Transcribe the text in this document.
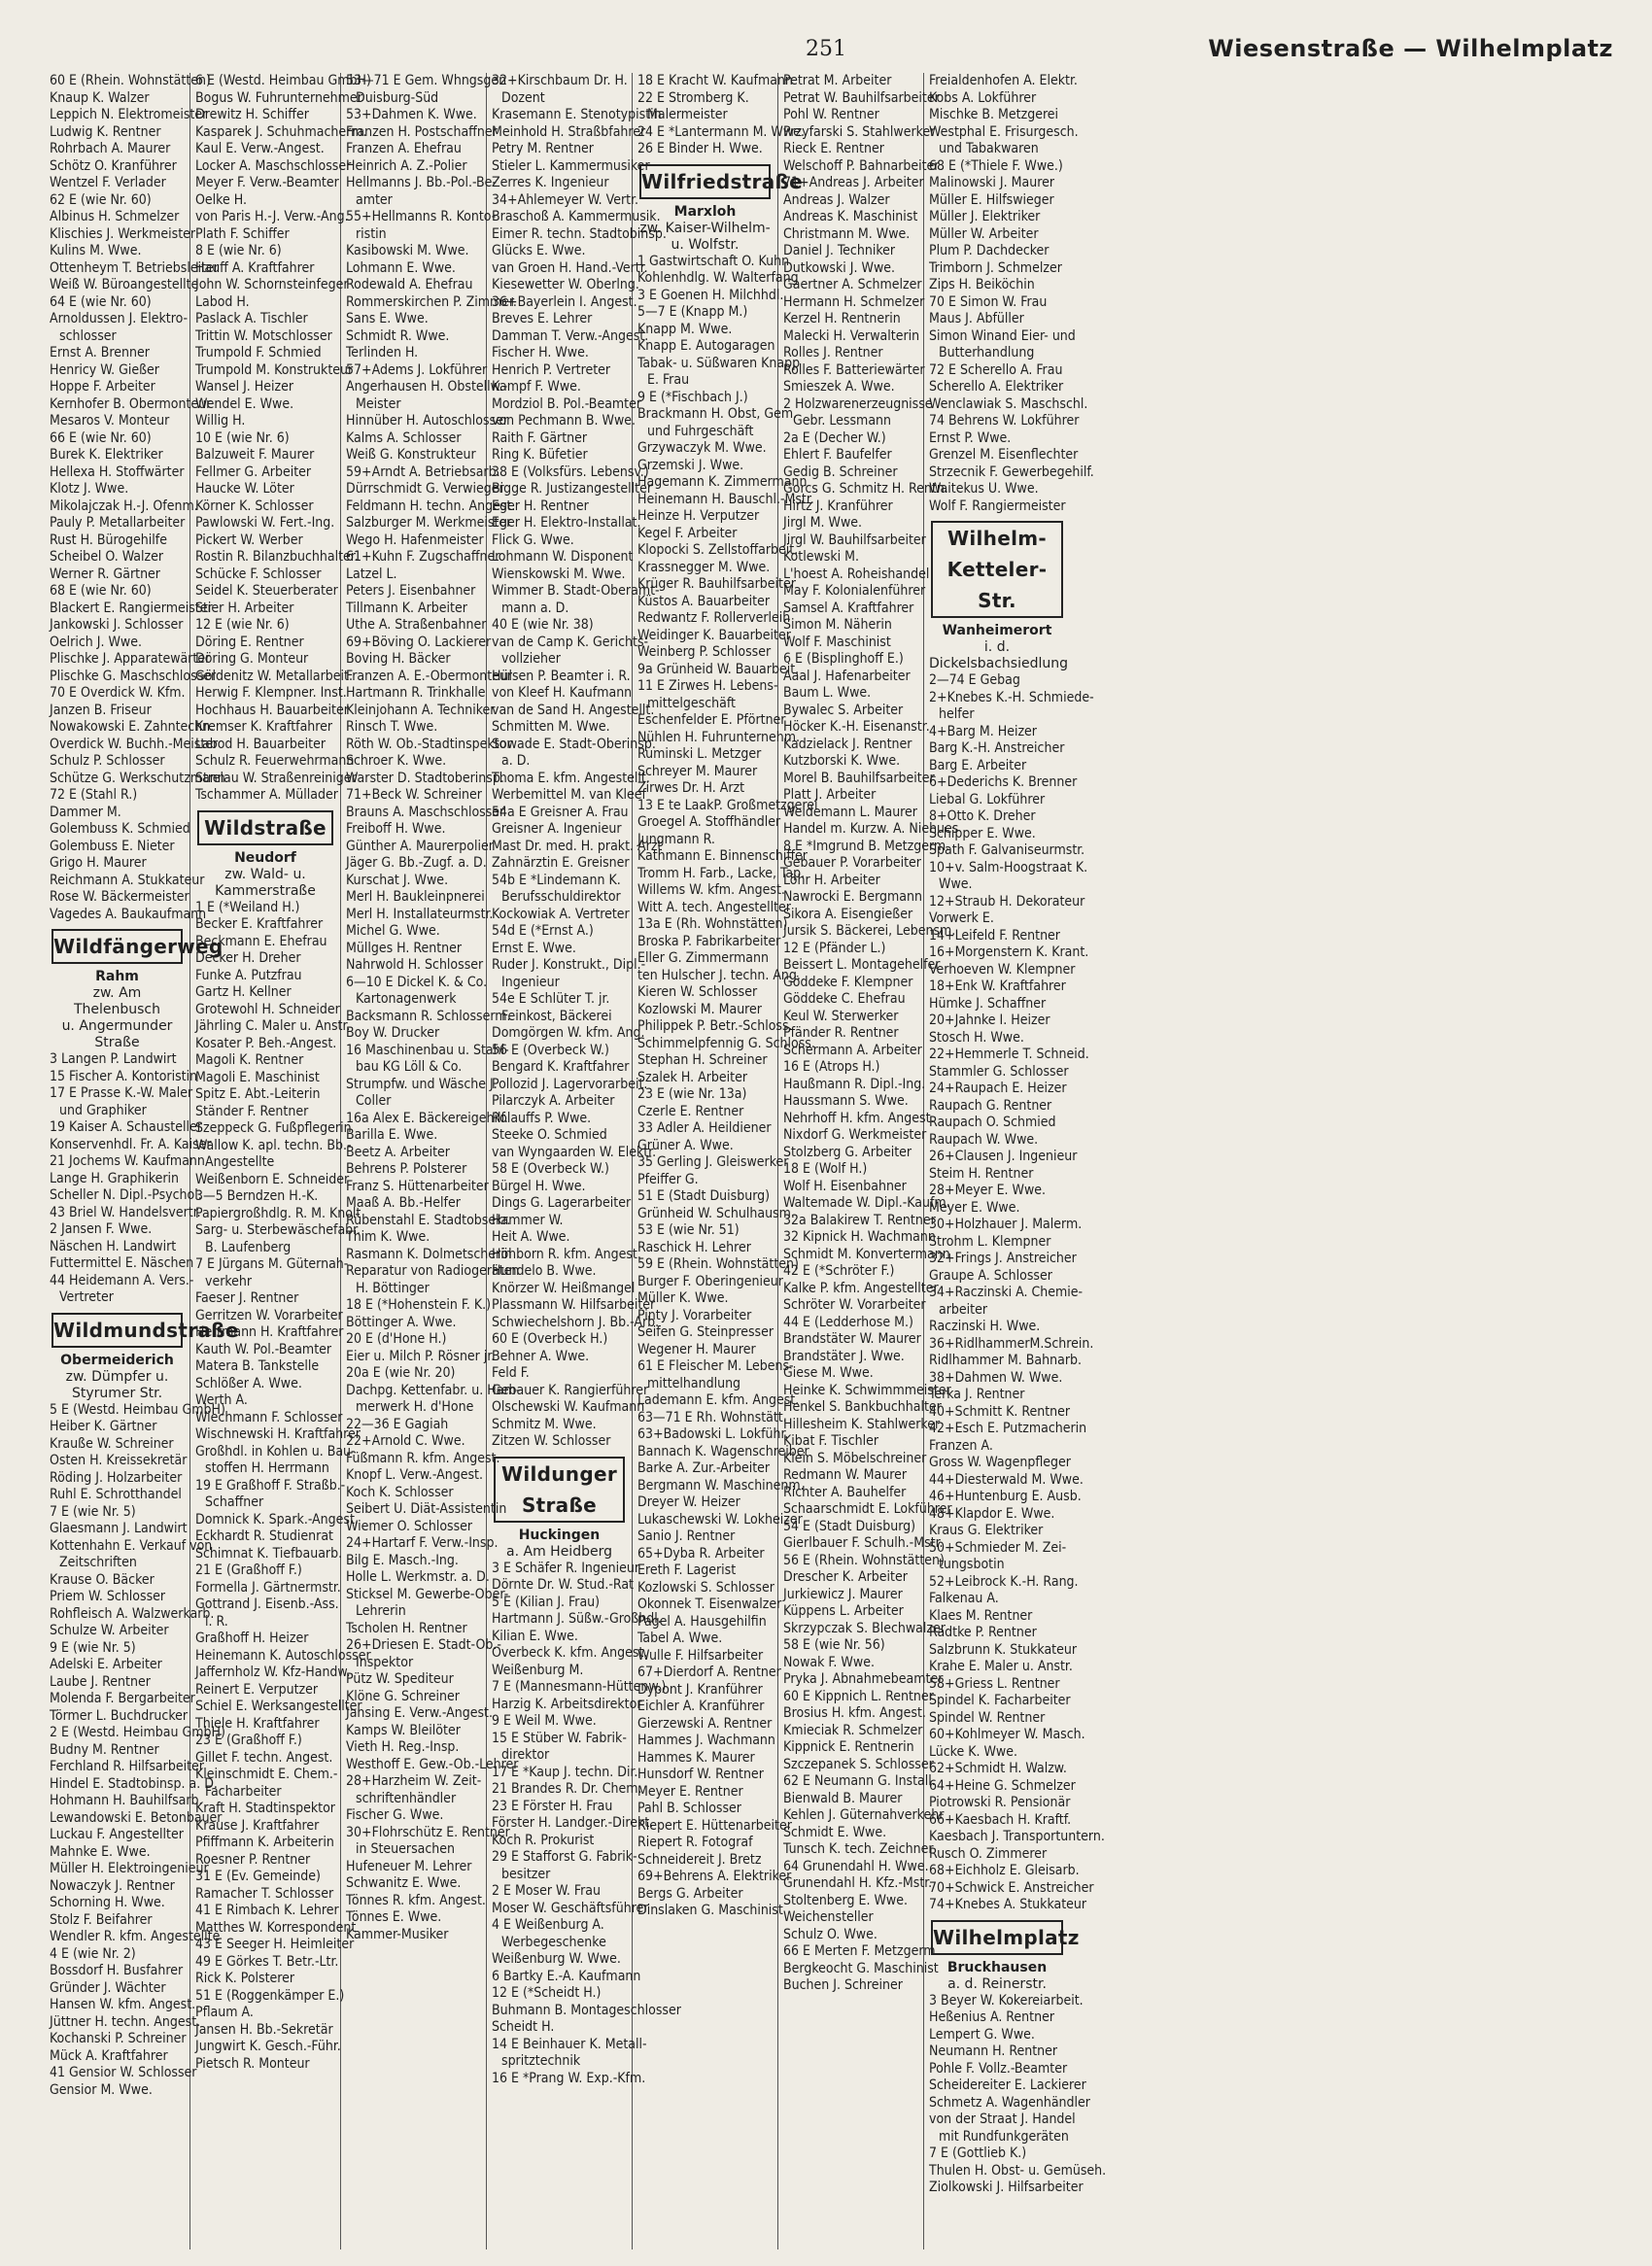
251	Wiesenstraße — Wilhelmplatz
60 E (Rhein. Wohnstätten)
Knaup K. Walzer
Leppich N. Elektromeister
Ludwig K. Rentner
Rohrbach A. Maurer
Schötz O. Kranführer
Wentzel F. Verlader
62 E (wie Nr. 60)
Albinus H. Schmelzer
Klischies J. Werkmeister
Kulins M. Wwe.
Ottenheym T. Betriebsleiter
Weiß W. Büroangestellte
64 E (wie Nr. 60)
Arnoldussen J. Elektro-
schlosser
Ernst A. Brenner
Henricy W. Gießer
Hoppe F. Arbeiter
Kernhofer B. Obermonteur
Mesaros V. Monteur
66 E (wie Nr. 60)
Burek K. Elektriker
Hellexa H. Stoffwärter
Klotz J. Wwe.
Mikolajczak H.-J. Ofenm.
Pauly P. Metallarbeiter
Rust H. Bürogehilfe
Scheibel O. Walzer
Werner R. Gärtner
68 E (wie Nr. 60)
Blackert E. Rangiermeister
Jankowski J. Schlosser
Oelrich J. Wwe.
Plischke J. Apparatewärter
Plischke G. Maschschlosser
70 E Overdick W. Kfm.
Janzen B. Friseur
Nowakowski E. Zahntechn.
Overdick W. Buchh.-Meister
Schulz P. Schlosser
Schütze G. Werkschutzmann
72 E (Stahl R.)
Dammer M.
Golembuss K. Schmied
Golembuss E. Nieter
Grigo H. Maurer
Reichmann A. Stukkateur
Rose W. Bäckermeister
Vagedes A. Baukaufmann
Wildfängerweg
Rahm
zw. Am Thelenbusch
u. Angermunder Straße
3 Langen P. Landwirt
15 Fischer A. Kontoristin
17 E Prasse K.-W. Maler
und Graphiker
19 Kaiser A. Schausteller
Konservenhdl. Fr. A. Kaiser
21 Jochems W. Kaufmann
Lange H. Graphikerin
Scheller N. Dipl.-Psychol.
43 Briel W. Handelsvertr.
2 Jansen F. Wwe.
Näschen H. Landwirt
Futtermittel E. Näschen
44 Heidemann A. Vers.-
Vertreter
Wildmundstraße
Obermeiderich
zw. Dümpfer u. Styrumer Str.
5 E (Westd. Heimbau GmbH)
Heiber K. Gärtner
Krauße W. Schreiner
Osten H. Kreissekretär
Röding J. Holzarbeiter
Ruhl E. Schrotthandel
7 E (wie Nr. 5)
Glaesmann J. Landwirt
Kottenhahn E. Verkauf von
Zeitschriften
Krause O. Bäcker
Priem W. Schlosser
Rohfleisch A. Walzwerkarb.
Schulze W. Arbeiter
9 E (wie Nr. 5)
Adelski E. Arbeiter
Laube J. Rentner
Molenda F. Bergarbeiter
Törmer L. Buchdrucker
2 E (Westd. Heimbau GmbH)
Budny M. Rentner
Ferchland R. Hilfsarbeiter
Hindel E. Stadtobinsp. a. D.
Hohmann H. Bauhilfsarb.
Lewandowski E. Betonbauer
Luckau F. Angestellter
Mahnke E. Wwe.
Müller H. Elektroingenieur
Nowaczyk J. Rentner
Schorning H. Wwe.
Stolz F. Beifahrer
Wendler R. kfm. Angestellte
4 E (wie Nr. 2)
Bossdorf H. Busfahrer
Gründer J. Wächter
Hansen W. kfm. Angest.
Jüttner H. techn. Angest.
Kochanski P. Schreiner
Mück A. Kraftfahrer
41 Gensior W. Schlosser
Gensior M. Wwe.
6 E (Westd. Heimbau GmbH)
Bogus W. Fuhrunternehmer
Drewitz H. Schiffer
Kasparek J. Schuhmacherm.
Kaul E. Verw.-Angest.
Locker A. Maschschlosser
Meyer F. Verw.-Beamter
Oelke H.
von Paris H.-J. Verw.-Ang.
Plath F. Schiffer
8 E (wie Nr. 6)
Hauff A. Kraftfahrer
John W. Schornsteinfeger
Labod H.
Paslack A. Tischler
Trittin W. Motschlosser
Trumpold F. Schmied
Trumpold M. Konstrukteur
Wansel J. Heizer
Wendel E. Wwe.
Willig H.
10 E (wie Nr. 6)
Balzuweit F. Maurer
Fellmer G. Arbeiter
Haucke W. Löter
Körner K. Schlosser
Pawlowski W. Fert.-Ing.
Pickert W. Werber
Rostin R. Bilanzbuchhalter.
Schücke F. Schlosser
Seidel K. Steuerberater
Stier H. Arbeiter
12 E (wie Nr. 6)
Döring E. Rentner
Döring G. Monteur
Göldenitz W. Metallarbeit.
Herwig F. Klempner. Inst.
Hochhaus H. Bauarbeiter
Kremser K. Kraftfahrer
Labod H. Bauarbeiter
Schulz R. Feuerwehrmann
Strelau W. Straßenreiniger
Tschammer A. Müllader
Wildstraße
Neudorf
zw. Wald- u. Kammerstraße
1 E (*Weiland H.)
Becker E. Kraftfahrer
Beckmann E. Ehefrau
Decker H. Dreher
Funke A. Putzfrau
Gartz H. Kellner
Grotewohl H. Schneider
Jährling C. Maler u. Anstr.
Kosater P. Beh.-Angest.
Magoli K. Rentner
Magoli E. Maschinist
Spitz E. Abt.-Leiterin
Ständer F. Rentner
Szeppeck G. Fußpflegerin
Wallow K. apl. techn. Bb.-
Angestellte
Weißenborn E. Schneider
3—5 Berndzen H.-K.
Papiergroßhdlg. R. M. Knolt
Sarg- u. Sterbewäschefabr.
B. Laufenberg
7 E Jürgans M. Güternah-
verkehr
Faeser J. Rentner
Gerritzen W. Vorarbeiter
Herrmann H. Kraftfahrer
Kauth W. Pol.-Beamter
Matera B. Tankstelle
Schlößer A. Wwe.
Werth A.
Wiechmann F. Schlosser
Wischnewski H. Kraftfahrer
Großhdl. in Kohlen u. Bau-
stoffen H. Herrmann
19 E Graßhoff F. Straßb.-
Schaffner
Domnick K. Spark.-Angest.
Eckhardt R. Studienrat
Schimnat K. Tiefbauarb.
21 E (Graßhoff F.)
Formella J. Gärtnermstr.
Gottrand J. Eisenb.-Ass.
i. R.
Graßhoff H. Heizer
Heinemann K. Autoschlosser
Jaffernholz W. Kfz-Handw.
Reinert E. Verputzer
Schiel E. Werksangestellter
Thiele H. Kraftfahrer
23 E (Graßhoff F.)
Gillet F. techn. Angest.
Kleinschmidt E. Chem.-
Facharbeiter
Kraft H. Stadtinspektor
Krause J. Kraftfahrer
Pfiffmann K. Arbeiterin
Roesner P. Rentner
31 E (Ev. Gemeinde)
Ramacher T. Schlosser
41 E Rimbach K. Lehrer
Matthes W. Korrespondent
43 E Seeger H. Heimleiter
49 E Görkes T. Betr.-Ltr.
Rick K. Polsterer
51 E (Roggenkämper E.)
Pflaum A.
Jansen H. Bb.-Sekretär
Jungwirt K. Gesch.-Führ.
Pietsch R. Monteur
53—71 E Gem. Whngsgen
Duisburg-Süd
53+Dahmen K. Wwe.
Franzen H. Postschaffner
Franzen A. Ehefrau
Heinrich A. Z.-Polier
Hellmanns J. Bb.-Pol.-Be-
amter
55+Hellmanns R. Konto-
ristin
Kasibowski M. Wwe.
Lohmann E. Wwe.
Rodewald A. Ehefrau
Rommerskirchen P. Zimmer.
Sans E. Wwe.
Schmidt R. Wwe.
Terlinden H.
57+Adems J. Lokführer
Angerhausen H. Obstellw.-
Meister
Hinnüber H. Autoschlosser
Kalms A. Schlosser
Weiß G. Konstrukteur
59+Arndt A. Betriebsarb.
Dürrschmidt G. Verwieger
Feldmann H. techn. Angest.
Salzburger M. Werkmeister
Wego H. Hafenmeister
61+Kuhn F. Zugschaffner
Latzel L.
Peters J. Eisenbahner
Tillmann K. Arbeiter
Uthe A. Straßenbahner
69+Böving O. Lackierer
Boving H. Bäcker
Franzen A. E.-Obermonteur
Hartmann R. Trinkhalle
Kleinjohann A. Techniker
Rinsch T. Wwe.
Röth W. Ob.-Stadtinspektor
Schroer K. Wwe.
Warster D. Stadtoberinsp.
71+Beck W. Schreiner
Brauns A. Maschschlosser
Freiboff H. Wwe.
Günther A. Maurerpolier
Jäger G. Bb.-Zugf. a. D.
Kurschat J. Wwe.
Merl H. Baukleinpnerei
Merl H. Installateurmstr.
Michel G. Wwe.
Müllges H. Rentner
Nahrwold H. Schlosser
6—10 E Dickel K. & Co.
Kartonagenwerk
Backsmann R. Schlosserm.
Boy W. Drucker
16 Maschinenbau u. Stahl-
bau KG Löll & Co.
Strumpfw. und Wäsche J.
Coller
16a Alex E. Bäckereigehilf.
Barilla E. Wwe.
Beetz A. Arbeiter
Behrens P. Polsterer
Franz S. Hüttenarbeiter
Maaß A. Bb.-Helfer
Rübenstahl E. Stadtobsekr.
Thim K. Wwe.
Rasmann K. Dolmetscherin
Reparatur von Radiogeräten
H. Böttinger
18 E (*Hohenstein F. K.)
Böttinger A. Wwe.
20 E (d'Hone H.)
Eier u. Milch P. Rösner jr.
20a E (wie Nr. 20)
Dachpg. Kettenfabr. u. Ham-
merwerk H. d'Hone
22—36 E Gagiah
22+Arnold C. Wwe.
Füßmann R. kfm. Angest.
Knopf L. Verw.-Angest.
Koch K. Schlosser
Seibert U. Diät-Assistentin
Wiemer O. Schlosser
24+Hartarf F. Verw.-Insp.
Bilg E. Masch.-Ing.
Holle L. Werkmstr. a. D.
Sticksel M. Gewerbe-Ober-
Lehrerin
Tscholen H. Rentner
26+Driesen E. Stadt-Ob.-
Inspektor
Pütz W. Spediteur
Klöne G. Schreiner
Jansing E. Verw.-Angest.
Kamps W. Bleilöter
Vieth H. Reg.-Insp.
Westhoff E. Gew.-Ob.-Lehrer
28+Harzheim W. Zeit-
schriftenhändler
Fischer G. Wwe.
30+Flohrschütz E. Rentner
in Steuersachen
Hufeneuer M. Lehrer
Schwanitz E. Wwe.
Tönnes R. kfm. Angest.
Tönnes E. Wwe.
Kammer-Musiker
32+Kirschbaum Dr. H.
Dozent
Krasemann E. Stenotypistin
Meinhold H. Straßbfahrer
Petry M. Rentner
Stieler L. Kammermusiker
Zerres K. Ingenieur
34+Ahlemeyer W. Vertr.
Braschoß A. Kammermusik.
Eimer R. techn. Stadtobinsp.
Glücks E. Wwe.
van Groen H. Hand.-Vertr.
Kiesewetter W. Oberlng.
36+Bayerlein I. Angest.
Breves E. Lehrer
Damman T. Verw.-Angest.
Fischer H. Wwe.
Henrich P. Vertreter
Kampf F. Wwe.
Mordziol B. Pol.-Beamter
von Pechmann B. Wwe.
Raith F. Gärtner
Ring K. Büfetier
38 E (Volksfürs. Lebensv.)
Bigge R. Justizangestellter
Eger H. Rentner
Eger H. Elektro-Installat.
Flick G. Wwe.
Lohmann W. Disponent
Wienskowski M. Wwe.
Wimmer B. Stadt-Oberamt-
mann a. D.
40 E (wie Nr. 38)
van de Camp K. Gerichts-
vollzieher
Hülsen P. Beamter i. R.
von Kleef H. Kaufmann
van de Sand H. Angestellt.
Schmitten M. Wwe.
Sowade E. Stadt-Oberinsp.
a. D.
Thoma E. kfm. Angestellt.
Werbemittel M. van Kleef
54a E Greisner A. Frau
Greisner A. Ingenieur
Mast Dr. med. H. prakt. Arzt
Zahnärztin E. Greisner
54b E *Lindemann K.
Berufsschuldirektor
Kockowiak A. Vertreter
54d E (*Ernst A.)
Ernst E. Wwe.
Ruder J. Konstrukt., Dipl.-
Ingenieur
54e E Schlüter T. jr.
Feinkost, Bäckerei
Domgörgen W. kfm. Ang.
56 E (Overbeck W.)
Bengard K. Kraftfahrer
Pollozid J. Lagervorarbeit.
Pilarczyk A. Arbeiter
Rolauffs P. Wwe.
Steeke O. Schmied
van Wyngaarden W. Elektr.
58 E (Overbeck W.)
Bürgel H. Wwe.
Dings G. Lagerarbeiter
Hammer W.
Heit A. Wwe.
Höhborn R. kfm. Angest.
Hundelo B. Wwe.
Knörzer W. Heißmangel
Plassmann W. Hilfsarbeiter
Schwiechelshorn J. Bb.-Arb.
60 E (Overbeck H.)
Behner A. Wwe.
Feld F.
Gebauer K. Rangierführer
Olschewski W. Kaufmann
Schmitz M. Wwe.
Zitzen W. Schlosser
Wildunger Straße
Huckingen
a. Am Heidberg
3 E Schäfer R. Ingenieur
Dörnte Dr. W. Stud.-Rat
5 E (Kilian J. Frau)
Hartmann J. Süßw.-Großhdl.
Kilian E. Wwe.
Overbeck K. kfm. Angest.
Weißenburg M.
7 E (Mannesmann-Hüttenw.)
Harzig K. Arbeitsdirektor
9 E Weil M. Wwe.
15 E Stüber W. Fabrik-
direktor
17 E *Kaup J. techn. Dir.
21 Brandes R. Dr. Chem.
23 E Förster H. Frau
Förster H. Landger.-Direkt.
Koch R. Prokurist
29 E Stafforst G. Fabrik-
besitzer
2 E Moser W. Frau
Moser W. Geschäftsführer
4 E Weißenburg A.
Werbegeschenke
Weißenburg W. Wwe.
6 Bartky E.-A. Kaufmann
12 E (*Scheidt H.)
Buhmann B. Montageschlosser
Scheidt H.
14 E Beinhauer K. Metall-
spritztechnik
16 E *Prang W. Exp.-Kfm.
18 E Kracht W. Kaufmann
22 E Stromberg K.
Malermeister
24 E *Lantermann M. Wwe.
26 E Binder H. Wwe.
Wilfriedstraße
Marxloh
zw. Kaiser-Wilhelm-
u. Wolfstr.
1 Gastwirtschaft O. Kuhn
Kohlenhdlg. W. Walterfang
3 E Goenen H. Milchhdl.
5—7 E (Knapp M.)
Knapp M. Wwe.
Knapp E. Autogaragen
Tabak- u. Süßwaren Knapp
E. Frau
9 E (*Fischbach J.)
Brackmann H. Obst, Gem.
und Fuhrgeschäft
Grzywaczyk M. Wwe.
Grzemski J. Wwe.
Hagemann K. Zimmermann
Heinemann H. Bauschl.-Mstr.
Heinze H. Verputzer
Kegel F. Arbeiter
Klopocki S. Zellstoffarbeit.
Krassnegger M. Wwe.
Krüger R. Bauhilfsarbeiter
Küstos A. Bauarbeiter
Redwantz F. Rollerverleih
Weidinger K. Bauarbeiter
Weinberg P. Schlosser
9a Grünheid W. Bauarbeit.
11 E Zirwes H. Lebens-
mittelgeschäft
Eschenfelder E. Pförtner
Nühlen H. Fuhrunternehm.
Ruminski L. Metzger
Schreyer M. Maurer
Zirwes Dr. H. Arzt
13 E te LaakP. Großmetzgerei
Groegel A. Stoffhändler
Jungmann R.
Kathmann E. Binnenschiffer
Tromm H. Farb., Lacke, Tap.
Willems W. kfm. Angest.
Witt A. tech. Angestellter
13a E (Rh. Wohnstätten)
Broska P. Fabrikarbeiter
Eller G. Zimmermann
ten Hulscher J. techn. Ang.
Kieren W. Schlosser
Kozlowski M. Maurer
Philippek P. Betr.-Schloss.
Schimmelpfennig G. Schloss.
Stephan H. Schreiner
Szalek H. Arbeiter
23 E (wie Nr. 13a)
Czerle E. Rentner
33 Adler A. Heildiener
Grüner A. Wwe.
35 Gerling J. Gleiswerker
Pfeiffer G.
51 E (Stadt Duisburg)
Grünheid W. Schulhausm.
53 E (wie Nr. 51)
Raschick H. Lehrer
59 E (Rhein. Wohnstätten)
Burger F. Oberingenieur
Müller K. Wwe.
Pinty J. Vorarbeiter
Seifen G. Steinpresser
Wegener H. Maurer
61 E Fleischer M. Lebens-
mittelhandlung
Lademann E. kfm. Angest.
63—71 E Rh. Wohnstätt.
63+Badowski L. Lokführ.
Bannach K. Wagenschreiber
Barke A. Zur.-Arbeiter
Bergmann W. Maschinenm.
Dreyer W. Heizer
Lukaschewski W. Lokheizer
Sanio J. Rentner
65+Dyba R. Arbeiter
Ereth F. Lagerist
Kozlowski S. Schlosser
Okonnek T. Eisenwalzer
Pagel A. Hausgehilfin
Tabel A. Wwe.
Wulle F. Hilfsarbeiter
67+Dierdorf A. Rentner
Dypont J. Kranführer
Eichler A. Kranführer
Gierzewski A. Rentner
Hammes J. Wachmann
Hammes K. Maurer
Hunsdorf W. Rentner
Meyer E. Rentner
Pahl B. Schlosser
Riepert E. Hüttenarbeiter
Riepert R. Fotograf
Schneidereit J. Bretz
69+Behrens A. Elektriker
Bergs G. Arbeiter
Dinslaken G. Maschinist
Petrat M. Arbeiter
Petrat W. Bauhilfsarbeiter
Pohl W. Rentner
Przyfarski S. Stahlwerker
Rieck E. Rentner
Welschoff P. Bahnarbeiter
71+Andreas J. Arbeiter
Andreas J. Walzer
Andreas K. Maschinist
Christmann M. Wwe.
Daniel J. Techniker
Dutkowski J. Wwe.
Gaertner A. Schmelzer
Hermann H. Schmelzer
Kerzel H. Rentnerin
Malecki H. Verwalterin
Rolles J. Rentner
Rolles F. Batteriewärter
Smieszek A. Wwe.
2 Holzwarenerzeugnisse
Gebr. Lessmann
2a E (Decher W.)
Ehlert F. Baufelfer
Gedig B. Schreiner
Gorcs G. Schmitz H. Rentn.
Hirtz J. Kranführer
Jirgl M. Wwe.
Jirgl W. Bauhilfsarbeiter
Kotlewski M.
L'hoest A. Roheishandel
May F. Kolonialenführer
Samsel A. Kraftfahrer
Simon M. Näherin
Wolf F. Maschinist
6 E (Bisplinghoff E.)
Aaal J. Hafenarbeiter
Baum L. Wwe.
Bywalec S. Arbeiter
Höcker K.-H. Eisenanstr.
Kadzielack J. Rentner
Kutzborski K. Wwe.
Morel B. Bauhilfsarbeiter
Platt J. Arbeiter
Weidemann L. Maurer
Handel m. Kurzw. A. Niehues
8 E *Imgrund B. Metzgerm.
Gebauer P. Vorarbeiter
Löhr H. Arbeiter
Nawrocki E. Bergmann
Sikora A. Eisengießer
Jursik S. Bäckerei, Lebensm.
12 E (Pfänder L.)
Beissert L. Montagehelfer
Göddeke F. Klempner
Göddeke C. Ehefrau
Keul W. Sterwerker
Pfänder R. Rentner
Schermann A. Arbeiter
16 E (Atrops H.)
Haußmann R. Dipl.-Ing.
Haussmann S. Wwe.
Nehrhoff H. kfm. Angest.
Nixdorf G. Werkmeister
Stolzberg G. Arbeiter
18 E (Wolf H.)
Wolf H. Eisenbahner
Waltemade W. Dipl.-Kaufm.
32a Balakirew T. Rentner
32 Kipnick H. Wachmann
Schmidt M. Konvertermann
42 E (*Schröter F.)
Kalke P. kfm. Angestellter
Schröter W. Vorarbeiter
44 E (Ledderhose M.)
Brandstäter W. Maurer
Brandstäter J. Wwe.
Giese M. Wwe.
Heinke K. Schwimmmeister
Henkel S. Bankbuchhalter
Hillesheim K. Stahlwerker
Kibat F. Tischler
Klein S. Möbelschreiner
Redmann W. Maurer
Richter A. Bauhelfer
Schaarschmidt E. Lokführer
54 E (Stadt Duisburg)
Gierlbauer F. Schulh.-Mstr.
56 E (Rhein. Wohnstätten)
Drescher K. Arbeiter
Jurkiewicz J. Maurer
Küppens L. Arbeiter
Skrzypczak S. Blechwalzer
58 E (wie Nr. 56)
Nowak F. Wwe.
Pryka J. Abnahmebeamter
60 E Kippnich L. Rentner
Brosius H. kfm. Angest.
Kmieciak R. Schmelzer
Kippnick E. Rentnerin
Szczepanek S. Schlosser
62 E Neumann G. Install.
Bienwald B. Maurer
Kehlen J. Güternahverkehr
Schmidt E. Wwe.
Tunsch K. tech. Zeichner
64 Grunendahl H. Wwe.
Grunendahl H. Kfz.-Mstr.
Stoltenberg E. Wwe.
Weichensteller
Schulz O. Wwe.
66 E Merten F. Metzgerm.
Bergkeocht G. Maschinist
Buchen J. Schreiner
Freialdenhofen A. Elektr.
Kobs A. Lokführer
Mischke B. Metzgerei
Westphal E. Frisurgesch.
und Tabakwaren
68 E (*Thiele F. Wwe.)
Malinowski J. Maurer
Müller E. Hilfswieger
Müller J. Elektriker
Müller W. Arbeiter
Plum P. Dachdecker
Trimborn J. Schmelzer
Zips H. Beiköchin
70 E Simon W. Frau
Maus J. Abfüller
Simon Winand Eier- und
Butterhandlung
72 E Scherello A. Frau
Scherello A. Elektriker
Wenclawiak S. Maschschl.
74 Behrens W. Lokführer
Ernst P. Wwe.
Grenzel M. Eisenflechter
Strzecnik F. Gewerbegehilf.
Waitekus U. Wwe.
Wolf F. Rangiermeister
Wilhelm-Ketteler-Str.
Wanheimerort
i. d. Dickelsbachsiedlung
2—74 E Gebag
2+Knebes K.-H. Schmiede-
helfer
4+Barg M. Heizer
Barg K.-H. Anstreicher
Barg E. Arbeiter
6+Dederichs K. Brenner
Liebal G. Lokführer
8+Otto K. Dreher
Schipper E. Wwe.
Spath F. Galvaniseurmstr.
10+v. Salm-Hoogstraat K.
Wwe.
12+Straub H. Dekorateur
Vorwerk E.
14+Leifeld F. Rentner
16+Morgenstern K. Krant.
Verhoeven W. Klempner
18+Enk W. Kraftfahrer
Hümke J. Schaffner
20+Jahnke I. Heizer
Stosch H. Wwe.
22+Hemmerle T. Schneid.
Stammler G. Schlosser
24+Raupach E. Heizer
Raupach G. Rentner
Raupach O. Schmied
Raupach W. Wwe.
26+Clausen J. Ingenieur
Steim H. Rentner
28+Meyer E. Wwe.
Meyer E. Wwe.
30+Holzhauer J. Malerm.
Strohm L. Klempner
32+Frings J. Anstreicher
Graupe A. Schlosser
34+Raczinski A. Chemie-
arbeiter
Raczinski H. Wwe.
36+RidlhammerM.Schrein.
Ridlhammer M. Bahnarb.
38+Dahmen W. Wwe.
Terka J. Rentner
40+Schmitt K. Rentner
42+Esch E. Putzmacherin
Franzen A.
Gross W. Wagenpfleger
44+Diesterwald M. Wwe.
46+Huntenburg E. Ausb.
48+Klapdor E. Wwe.
Kraus G. Elektriker
50+Schmieder M. Zei-
tungsbotin
52+Leibrock K.-H. Rang.
Falkenau A.
Klaes M. Rentner
Radtke P. Rentner
Salzbrunn K. Stukkateur
Krahe E. Maler u. Anstr.
58+Griess L. Rentner
Spindel K. Facharbeiter
Spindel W. Rentner
60+Kohlmeyer W. Masch.
Lücke K. Wwe.
62+Schmidt H. Walzw.
64+Heine G. Schmelzer
Piotrowski R. Pensionär
66+Kaesbach H. Kraftf.
Kaesbach J. Transportuntern.
Rusch O. Zimmerer
68+Eichholz E. Gleisarb.
70+Schwick E. Anstreicher
74+Knebes A. Stukkateur
Wilhelmplatz
Bruckhausen
a. d. Reinerstr.
3 Beyer W. Kokereiarbeit.
Heßenius A. Rentner
Lempert G. Wwe.
Neumann H. Rentner
Pohle F. Vollz.-Beamter
Scheidereiter E. Lackierer
Schmetz A. Wagenhändler
von der Straat J. Handel
mit Rundfunkgeräten
7 E (Gottlieb K.)
Thulen H. Obst- u. Gemüseh.
Ziolkowski J. Hilfsarbeiter
